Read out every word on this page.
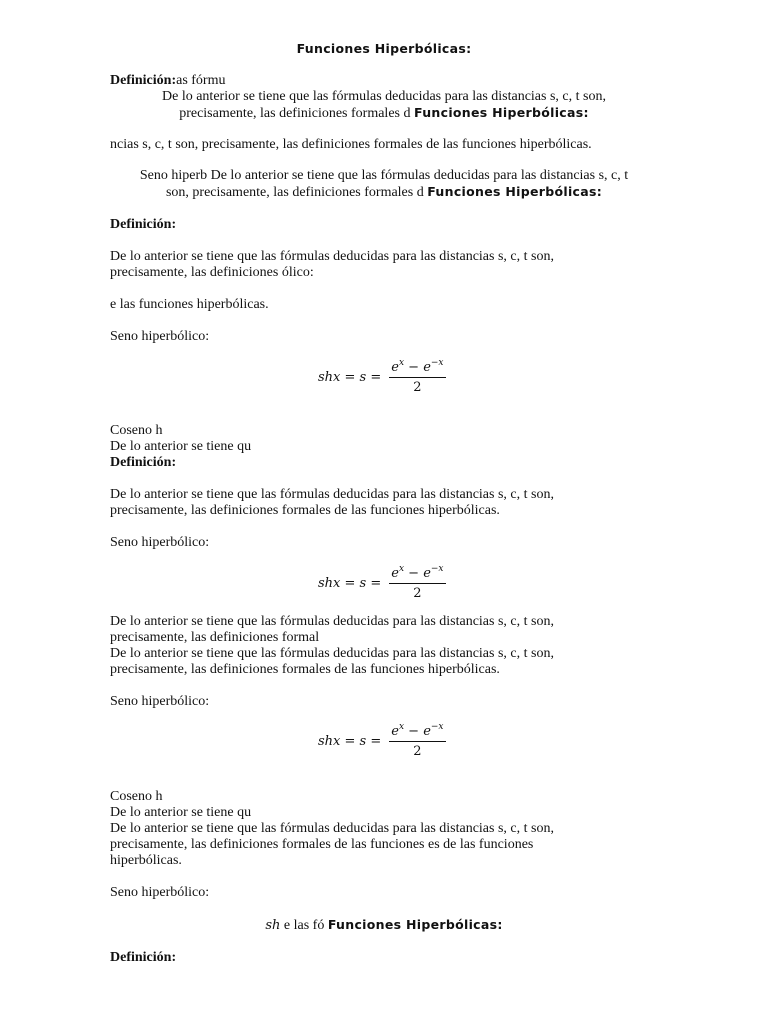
Funciones Hiperbólicas:
Definición:as fórmu
De lo anterior se tiene que las fórmulas deducidas para las distancias s, c, t son,
precisamente, las definiciones formales d Funciones Hiperbólicas:
ncias s, c, t son, precisamente, las definiciones formales de las funciones hiperbólicas.
Seno hiperb De lo anterior se tiene que las fórmulas deducidas para las distancias s, c, t
son, precisamente, las definiciones formales d Funciones Hiperbólicas:
Definición:
De lo anterior se tiene que las fórmulas deducidas para las distancias s, c, t son,
precisamente, las definiciones ólico:
e las funciones hiperbólicas.
Seno hiperbólico:
shx = $s = \frac{e^x - e^{-x}}{2}$
Coseno h
De lo anterior se tiene qu
Definición:
De lo anterior se tiene que las fórmulas deducidas para las distancias s, c, t son,
precisamente, las definiciones formales de las funciones hiperbólicas.
Seno hiperbólico:
shx = $s = \frac{e^x - e^{-x}}{2}$
De lo anterior se tiene que las fórmulas deducidas para las distancias s, c, t son,
precisamente, las definiciones formal
De lo anterior se tiene que las fórmulas deducidas para las distancias s, c, t son,
precisamente, las definiciones formales de las funciones hiperbólicas.
Seno hiperbólico:
shx = $s = \frac{e^x - e^{-x}}{2}$
Coseno h
De lo anterior se tiene qu
De lo anterior se tiene que las fórmulas deducidas para las distancias s, c, t son,
precisamente, las definiciones formales de las funciones es de las funciones
hiperbólicas.
Seno hiperbólico:
sh e las fó Funciones Hiperbólicas:
Definición:
